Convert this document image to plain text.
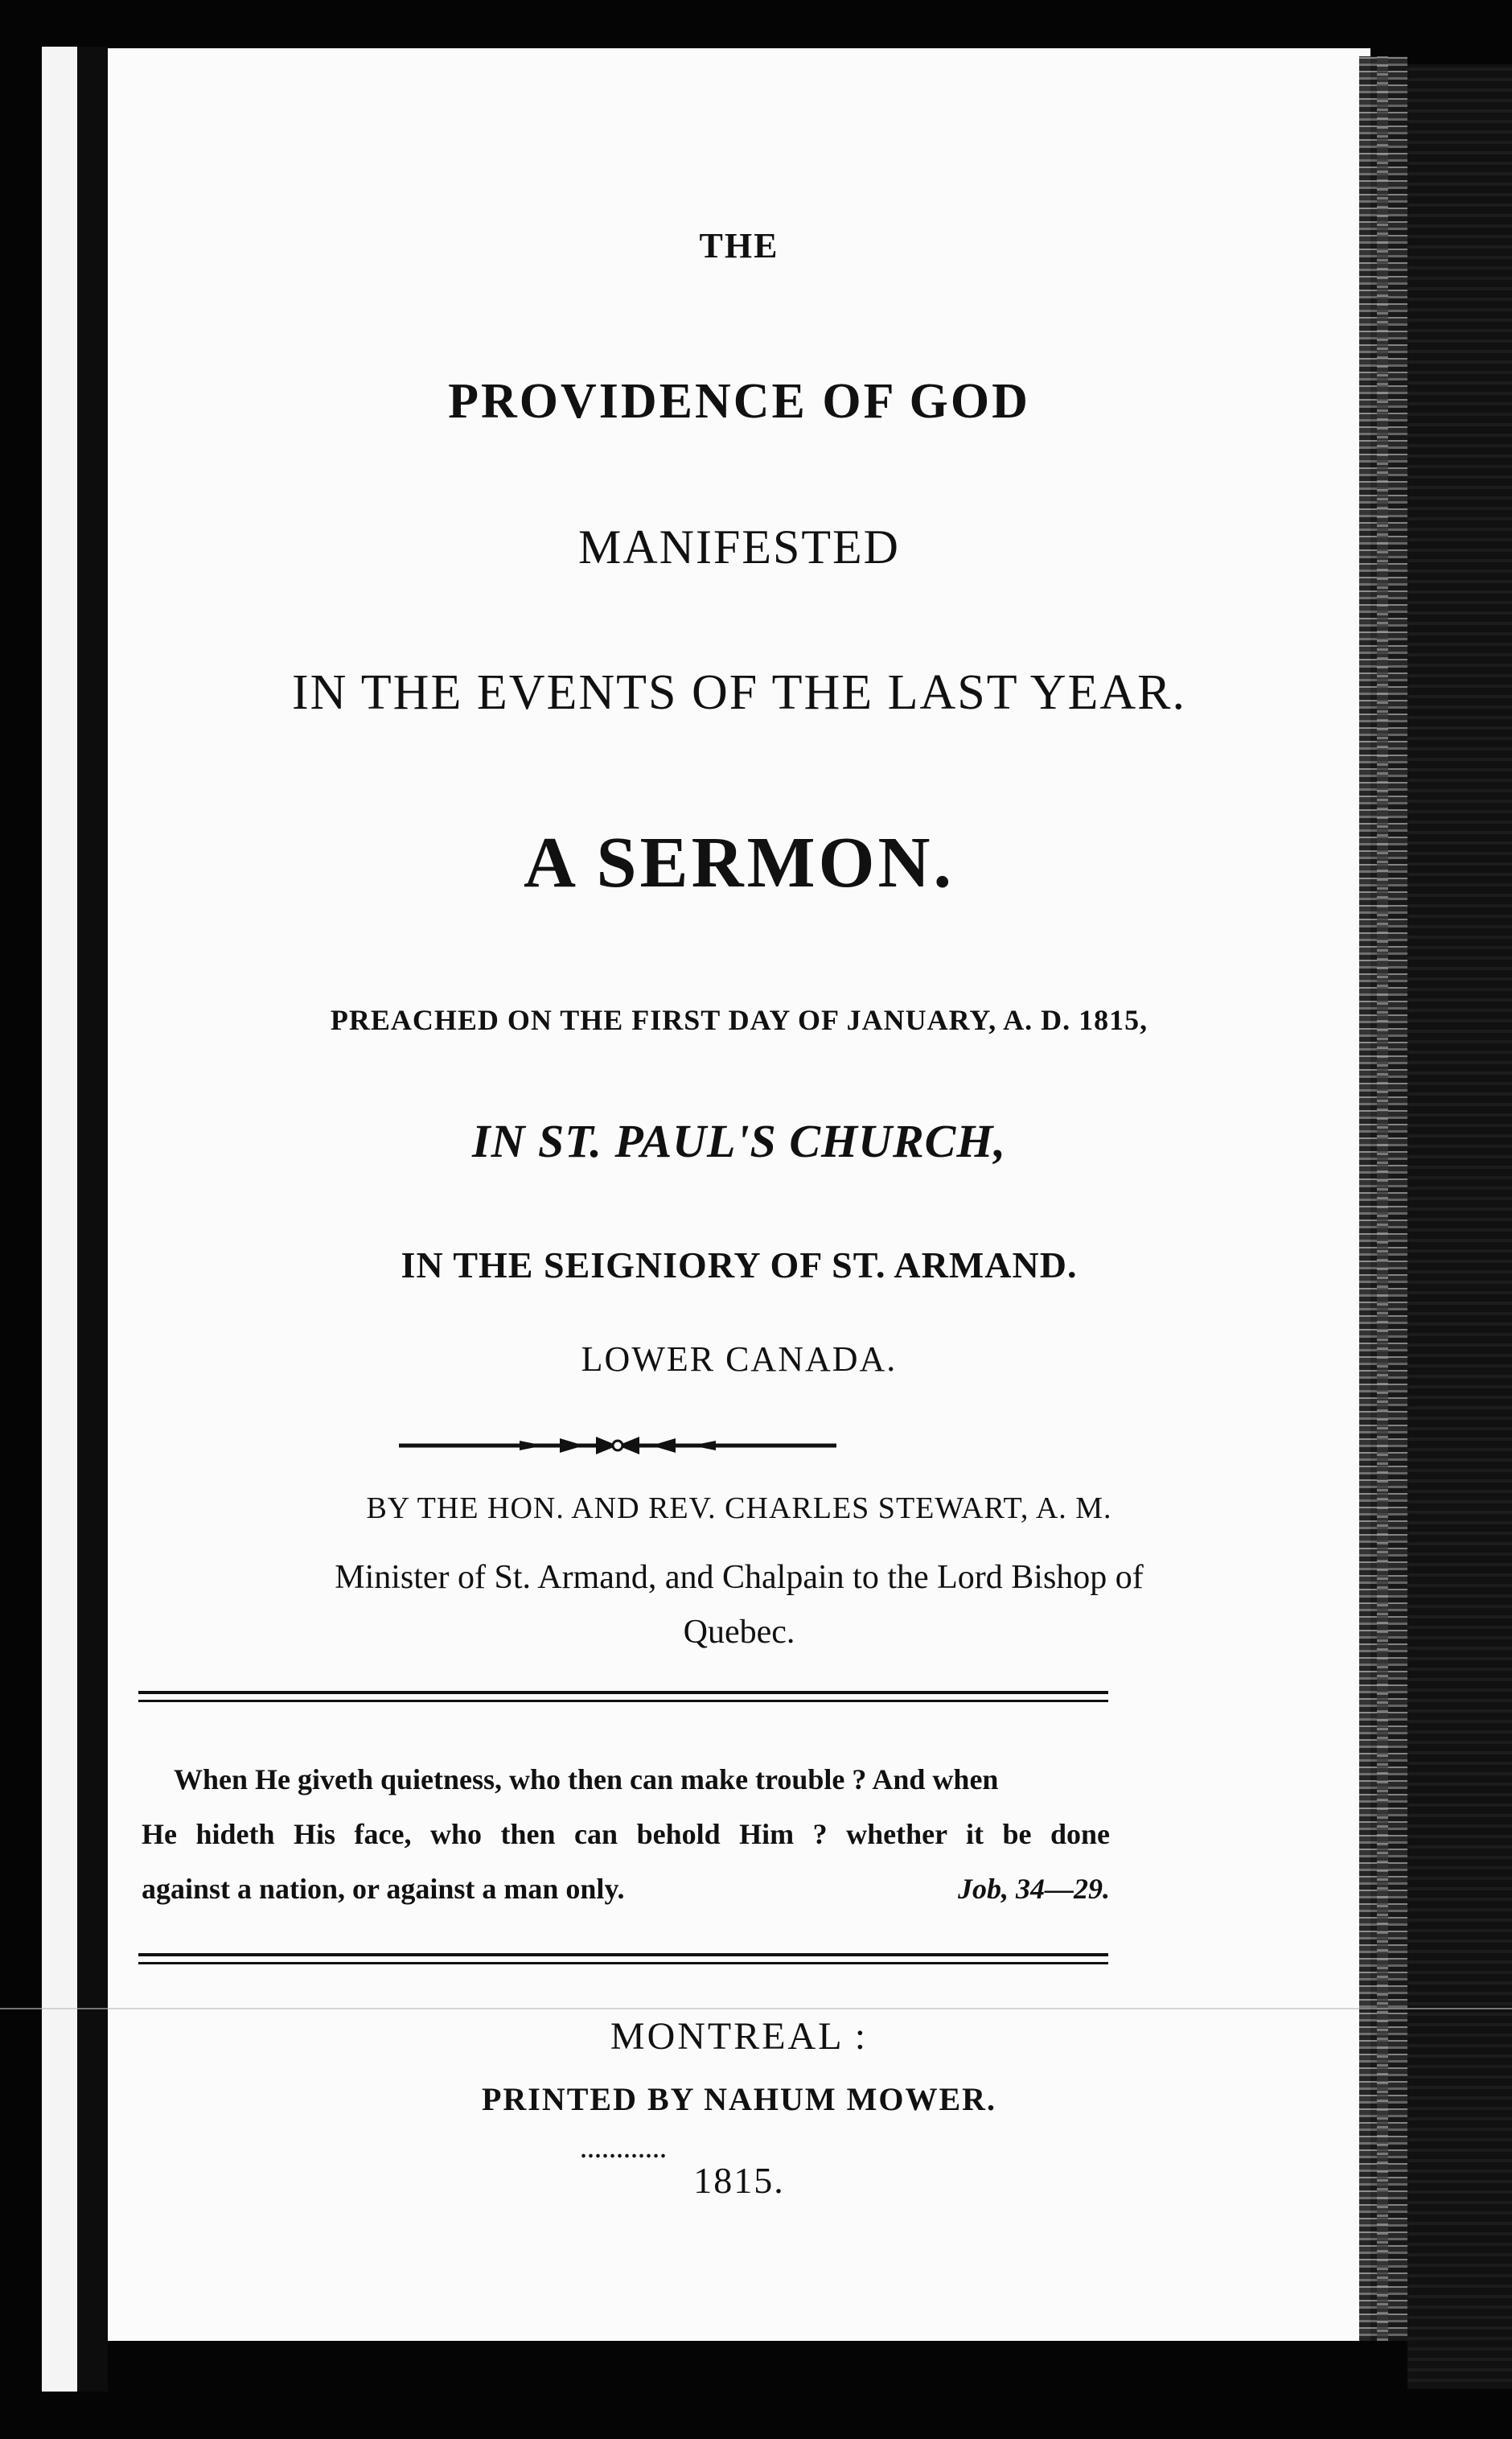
THE

PROVIDENCE OF GOD

MANIFESTED

IN THE EVENTS OF THE LAST YEAR.

A SERMON.

PREACHED ON THE FIRST DAY OF JANUARY, A. D. 1815,

IN ST. PAUL'S CHURCH,

IN THE SEIGNIORY OF ST. ARMAND.

LOWER CANADA.

BY THE HON. AND REV. CHARLES STEWART, A. M.

Minister of St. Armand, and Chalpain to the Lord Bishop of

Quebec.

When He giveth quietness, who then can make trouble ? And when
He hideth His face, who then can behold Him ? whether it be done
against a nation, or against a man only.	Job, 34—29.

MONTREAL :

PRINTED BY NAHUM MOWER.

............

1815.
